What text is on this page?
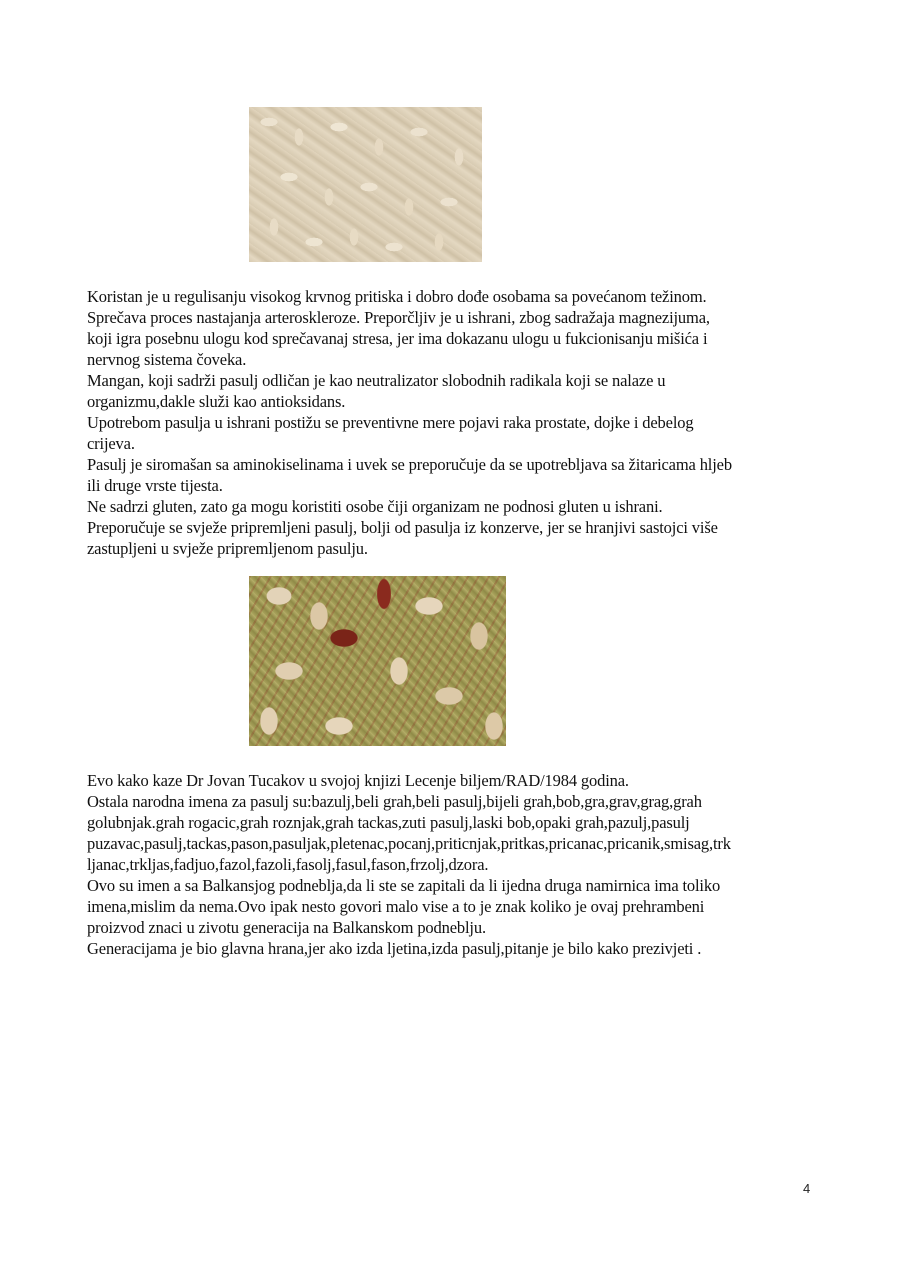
Koristan je u regulisanju visokog krvnog pritiska i dobro dođe osobama sa povećanom težinom.

Sprečava proces nastajanja arteroskleroze. Preporčljiv je u ishrani, zbog sadražaja magnezijuma,

koji igra posebnu ulogu kod sprečavanaj stresa, jer ima dokazanu ulogu u fukcionisanju mišića i

nervnog sistema čoveka.

Mangan, koji sadrži pasulj odličan je kao neutralizator slobodnih radikala koji se nalaze u

organizmu,dakle služi kao antioksidans.

Upotrebom pasulja u ishrani postižu se preventivne mere pojavi raka prostate, dojke i debelog

crijeva.

Pasulj je siromašan sa aminokiselinama i uvek se preporučuje da se upotrebljava sa žitaricama hljeb

ili druge vrste tijesta.

Ne sadrzi gluten, zato ga mogu koristiti osobe čiji organizam ne podnosi gluten u ishrani.

Preporučuje se svježe pripremljeni pasulj, bolji od pasulja iz konzerve, jer se hranjivi sastojci više

zastupljeni u svježe pripremljenom pasulju.

Evo kako kaze Dr Jovan Tucakov u svojoj knjizi Lecenje biljem/RAD/1984 godina.

Ostala narodna imena za pasulj su:bazulj,beli grah,beli pasulj,bijeli grah,bob,gra,grav,grag,grah

golubnjak.grah rogacic,grah roznjak,grah tackas,zuti pasulj,laski bob,opaki grah,pazulj,pasulj

puzavac,pasulj,tackas,pason,pasuljak,pletenac,pocanj,priticnjak,pritkas,pricanac,pricanik,smisag,trk

ljanac,trkljas,fadjuo,fazol,fazoli,fasolj,fasul,fason,frzolj,dzora.

Ovo su imen a sa Balkansjog podneblja,da li ste se zapitali da li ijedna druga namirnica ima toliko

imena,mislim da nema.Ovo ipak nesto govori malo vise a to je znak koliko je ovaj prehrambeni

proizvod znaci u zivotu generacija na Balkanskom podneblju.

Generacijama je bio glavna hrana,jer ako izda ljetina,izda pasulj,pitanje je bilo kako prezivjeti .

4
